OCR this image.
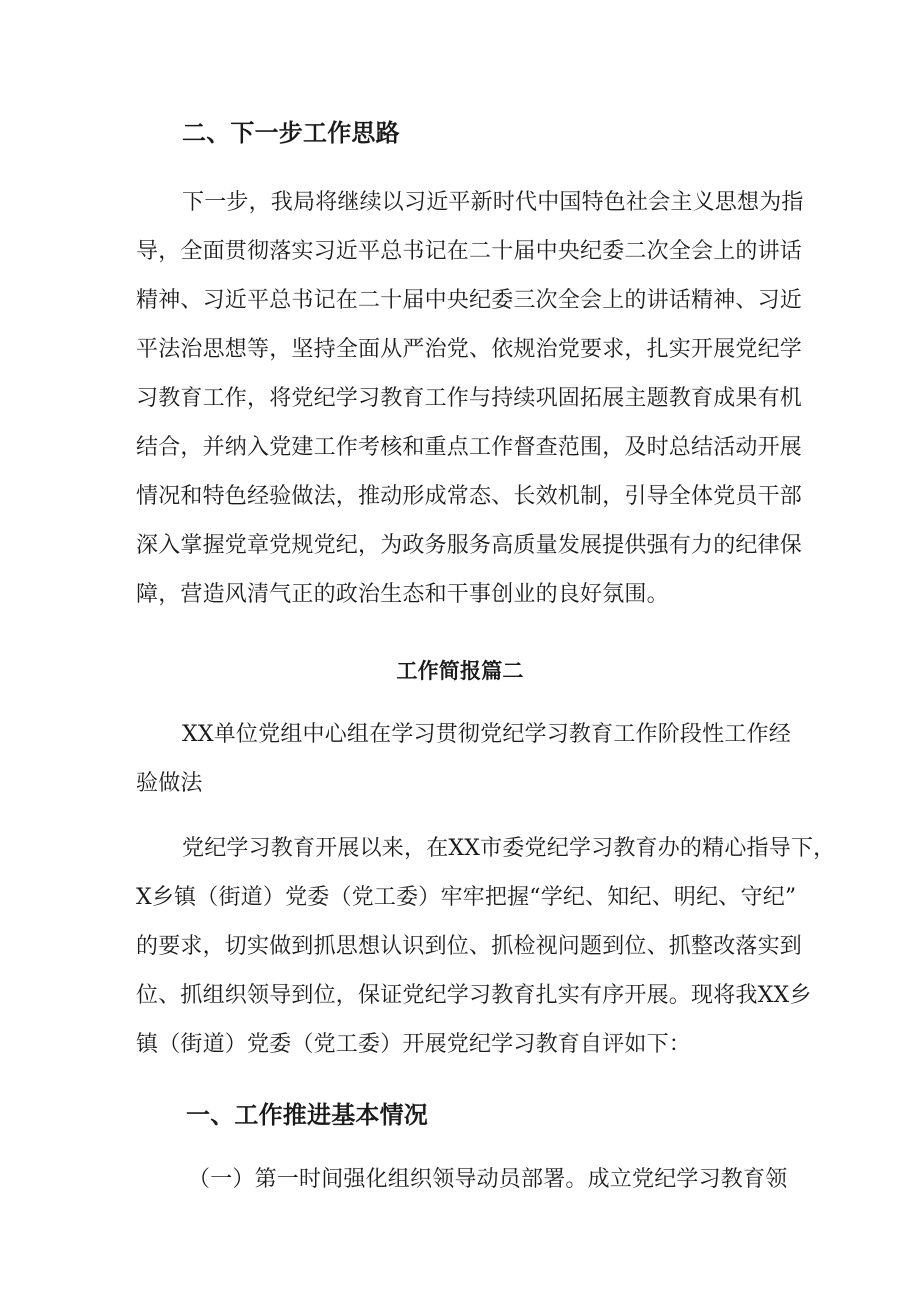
二、下一步工作思路
下一步，我局将继续以习近平新时代中国特色社会主义思想为指
导，全面贯彻落实习近平总书记在二十届中央纪委二次全会上的讲话
精神、习近平总书记在二十届中央纪委三次全会上的讲话精神、习近
平法治思想等，坚持全面从严治党、依规治党要求，扎实开展党纪学
习教育工作，将党纪学习教育工作与持续巩固拓展主题教育成果有机
结合，并纳入党建工作考核和重点工作督查范围，及时总结活动开展
情况和特色经验做法，推动形成常态、长效机制，引导全体党员干部
深入掌握党章党规党纪，为政务服务高质量发展提供强有力的纪律保
障，营造风清气正的政治生态和干事创业的良好氛围。
工作简报篇二
XX单位党组中心组在学习贯彻党纪学习教育工作阶段性工作经
验做法
党纪学习教育开展以来，在XX市委党纪学习教育办的精心指导下，
X乡镇（街道）党委（党工委）牢牢把握“学纪、知纪、明纪、守纪”
的要求，切实做到抓思想认识到位、抓检视问题到位、抓整改落实到
位、抓组织领导到位，保证党纪学习教育扎实有序开展。现将我XX乡
镇（街道）党委（党工委）开展党纪学习教育自评如下：
一、工作推进基本情况
（一）第一时间强化组织领导动员部署。成立党纪学习教育领
